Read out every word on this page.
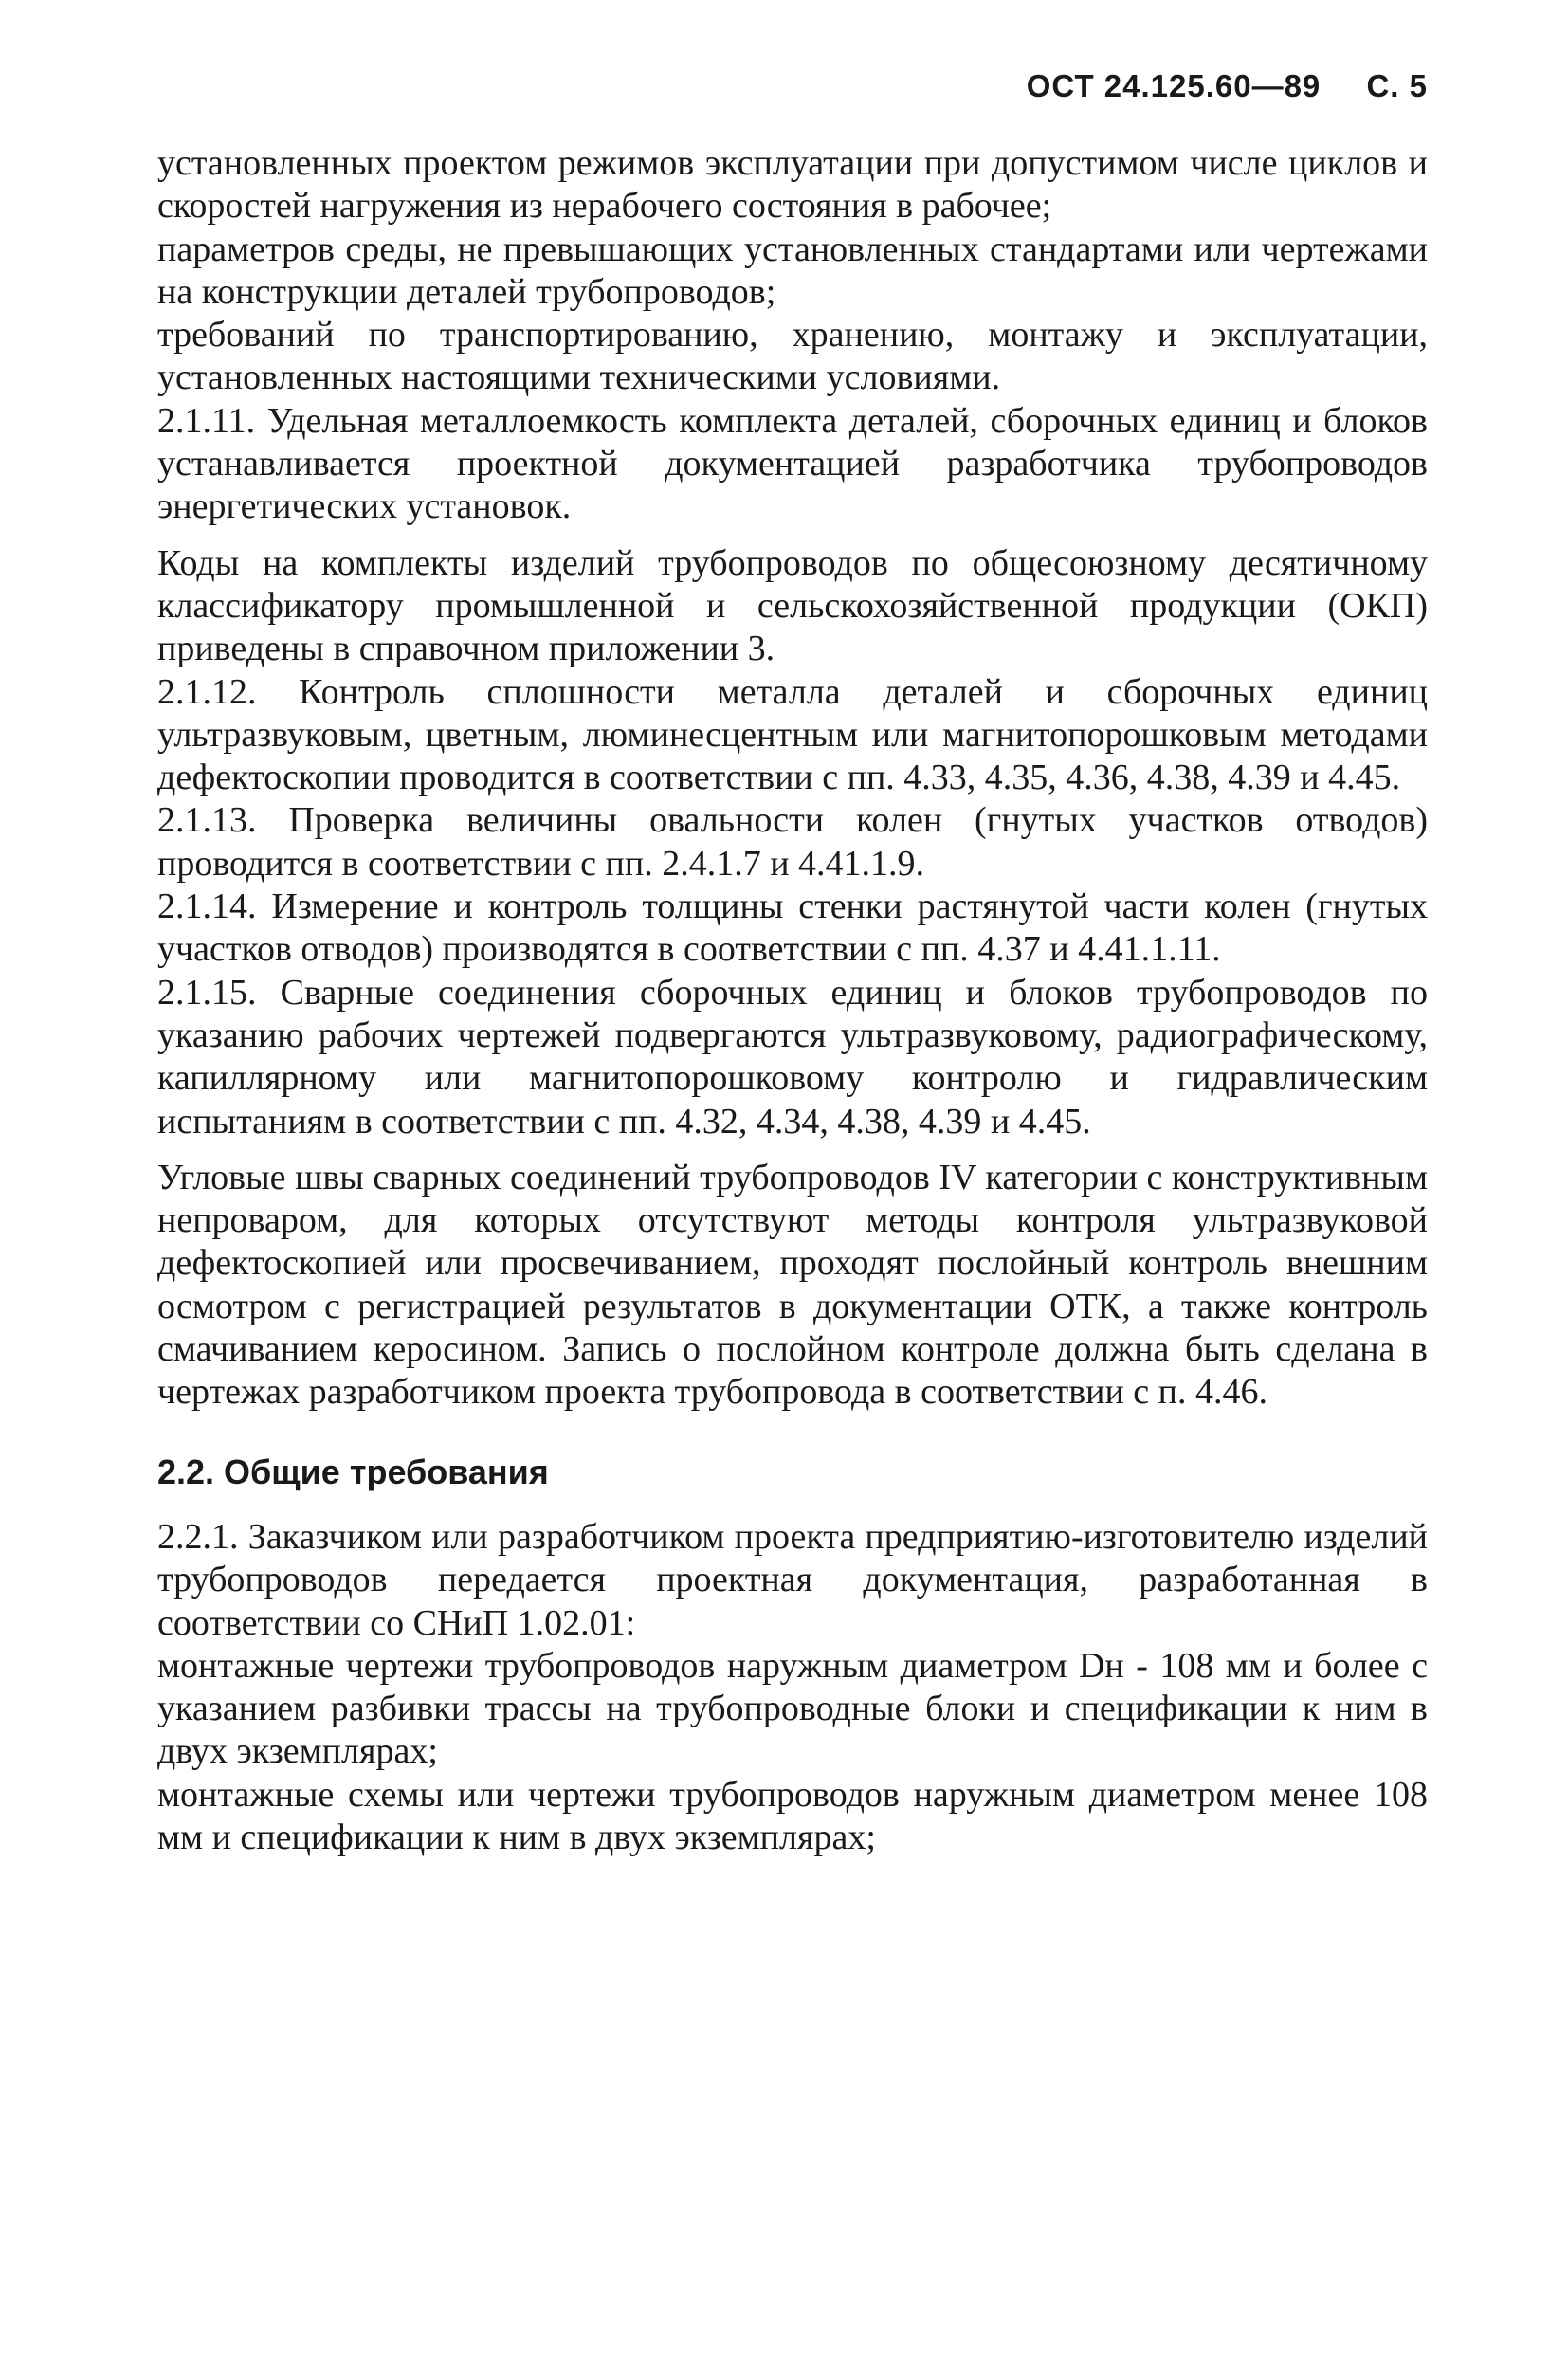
ОСТ 24.125.60—89 С. 5

установленных проектом режимов эксплуатации при допустимом числе циклов и скоростей нагружения из нерабочего состояния в рабочее;

параметров среды, не превышающих установленных стандартами или чертежами на конструкции деталей трубопроводов;

требований по транспортированию, хранению, монтажу и эксплуатации, установленных настоящими техническими условиями.

2.1.11. Удельная металлоемкость комплекта деталей, сборочных единиц и блоков устанавливается проектной документацией разработчика трубопроводов энергетических установок.

Коды на комплекты изделий трубопроводов по общесоюзному десятичному классификатору промышленной и сельскохозяйственной продукции (ОКП) приведены в справочном приложении 3.

2.1.12. Контроль сплошности металла деталей и сборочных единиц ультразвуковым, цветным, люминесцентным или магнитопорошковым методами дефектоскопии проводится в соответствии с пп. 4.33, 4.35, 4.36, 4.38, 4.39 и 4.45.

2.1.13. Проверка величины овальности колен (гнутых участков отводов) проводится в соответствии с пп. 2.4.1.7 и 4.41.1.9.

2.1.14. Измерение и контроль толщины стенки растянутой части колен (гнутых участков отводов) производятся в соответствии с пп. 4.37 и 4.41.1.11.

2.1.15. Сварные соединения сборочных единиц и блоков трубопроводов по указанию рабочих чертежей подвергаются ультразвуковому, радиографическому, капиллярному или магнитопорошковому контролю и гидравлическим испытаниям в соответствии с пп. 4.32, 4.34, 4.38, 4.39 и 4.45.

Угловые швы сварных соединений трубопроводов IV категории с конструктивным непроваром, для которых отсутствуют методы контроля ультразвуковой дефектоскопией или просвечиванием, проходят послойный контроль внешним осмотром с регистрацией результатов в документации ОТК, а также контроль смачиванием керосином. Запись о послойном контроле должна быть сделана в чертежах разработчиком проекта трубопровода в соответствии с п. 4.46.

2.2. Общие требования

2.2.1. Заказчиком или разработчиком проекта предприятию-изготовителю изделий трубопроводов передается проектная документация, разработанная в соответствии со СНиП 1.02.01:

монтажные чертежи трубопроводов наружным диаметром Dн - 108 мм и более с указанием разбивки трассы на трубопроводные блоки и спецификации к ним в двух экземплярах;

монтажные схемы или чертежи трубопроводов наружным диаметром менее 108 мм и спецификации к ним в двух экземплярах;
